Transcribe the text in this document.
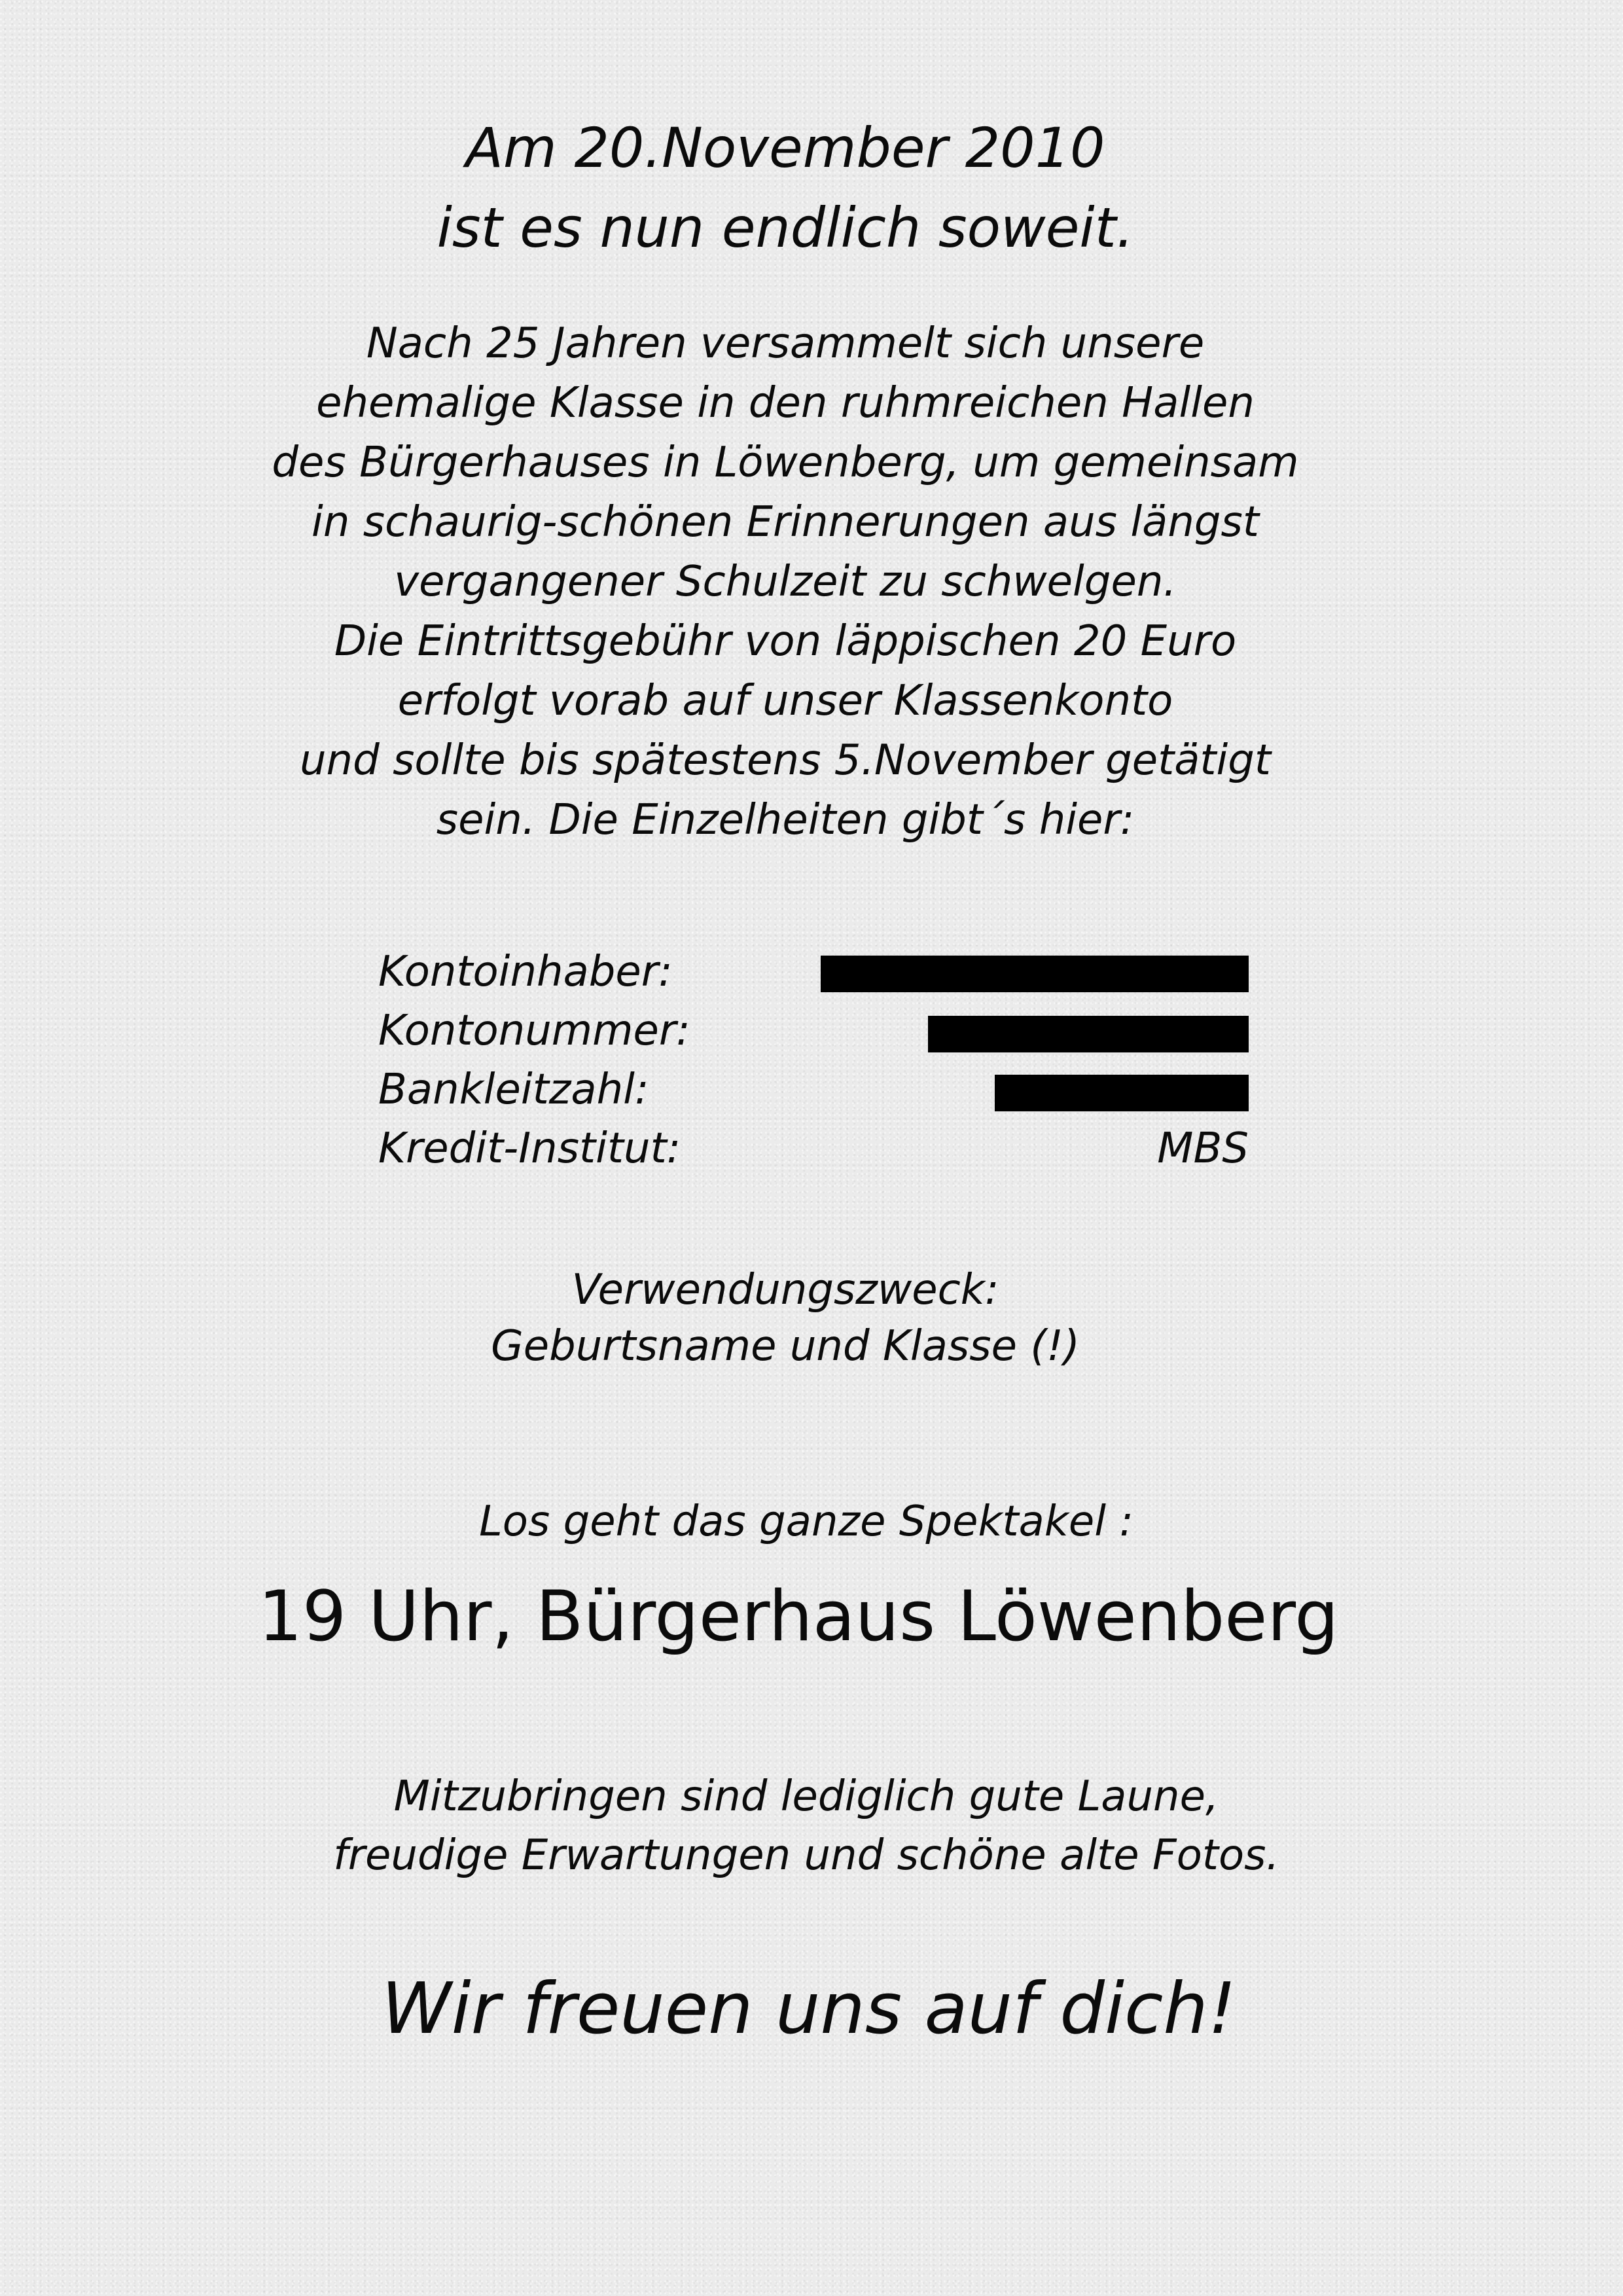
Am 20.November 2010
ist es nun endlich soweit.
Nach 25 Jahren versammelt sich unsere
ehemalige Klasse in den ruhmreichen Hallen
des Bürgerhauses in Löwenberg, um gemeinsam
in schaurig-schönen Erinnerungen aus längst
vergangener Schulzeit zu schwelgen.
Die Eintrittsgebühr von läppischen 20 Euro
erfolgt vorab auf unser Klassenkonto
und sollte bis spätestens 5.November getätigt
sein. Die Einzelheiten gibt´s hier:
Kontoinhaber:
Kontonummer:
Bankleitzahl:
Kredit-Institut:	MBS
Verwendungszweck:
Geburtsname und Klasse (!)
Los geht das ganze Spektakel :
19 Uhr, Bürgerhaus Löwenberg
Mitzubringen sind lediglich gute Laune,
freudige Erwartungen und schöne alte Fotos.
Wir freuen uns auf dich!
